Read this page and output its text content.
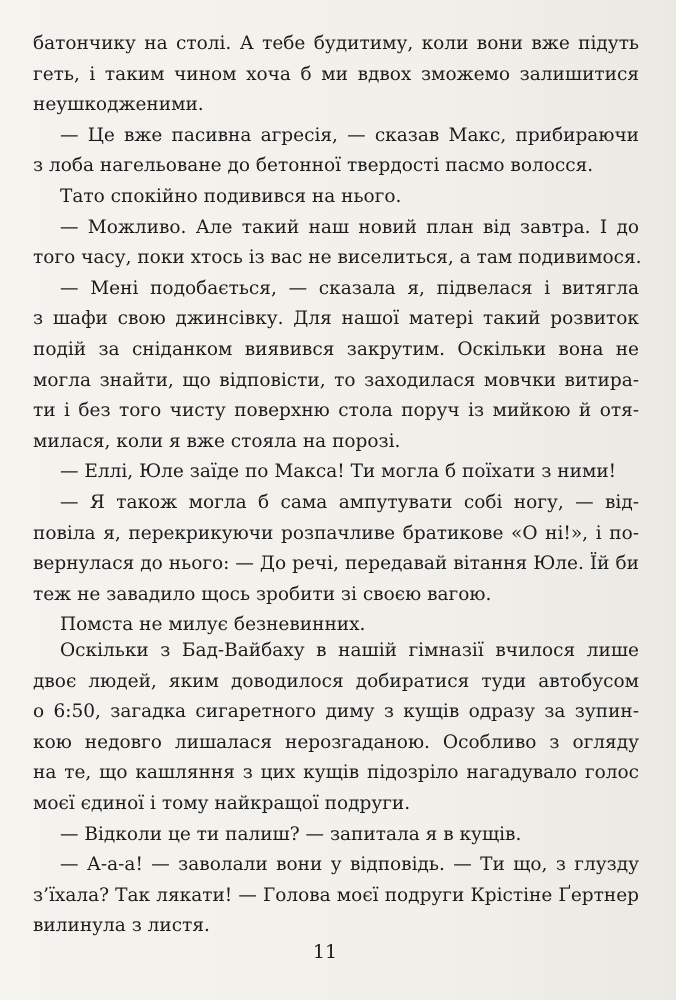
батончику на столі. А тебе будитиму, коли вони вже підуть
геть, і таким чином хоча б ми вдвох зможемо залишитися
неушкодженими.
— Це вже пасивна агресія, — сказав Макс, прибираючи
з лоба нагельоване до бетонної твердості пасмо волосся.
Тато спокійно подивився на нього.
— Можливо. Але такий наш новий план від завтра. І до
того часу, поки хтось із вас не виселиться, а там подивимося.
— Мені подобається, — сказала я, підвелася і витягла
з шафи свою джинсівку. Для нашої матері такий розвиток
подій за сніданком виявився закрутим. Оскільки вона не
могла знайти, що відповісти, то заходилася мовчки витира-
ти і без того чисту поверхню стола поруч із мийкою й отя-
милася, коли я вже стояла на порозі.
— Еллі, Юле заїде по Макса! Ти могла б поїхати з ними!
— Я також могла б сама ампутувати собі ногу, — від-
повіла я, перекрикуючи розпачливе братикове «О ні!», і по-
вернулася до нього: — До речі, передавай вітання Юле. Їй би
теж не завадило щось зробити зі своєю вагою.
Помста не милує безневинних.
Оскільки з Бад-Вайбаху в нашій гімназії вчилося лише
двоє людей, яким доводилося добиратися туди автобусом
о 6:50, загадка сигаретного диму з кущів одразу за зупин-
кою недовго лишалася нерозгаданою. Особливо з огляду
на те, що кашляння з цих кущів підозріло нагадувало голос
моєї єдиної і тому найкращої подруги.
— Відколи це ти палиш? — запитала я в кущів.
— А-а-а! — заволали вони у відповідь. — Ти що, з глузду
з’їхала? Так лякати! — Голова моєї подруги Крістіне Ґертнер
вилинула з листя.
11
